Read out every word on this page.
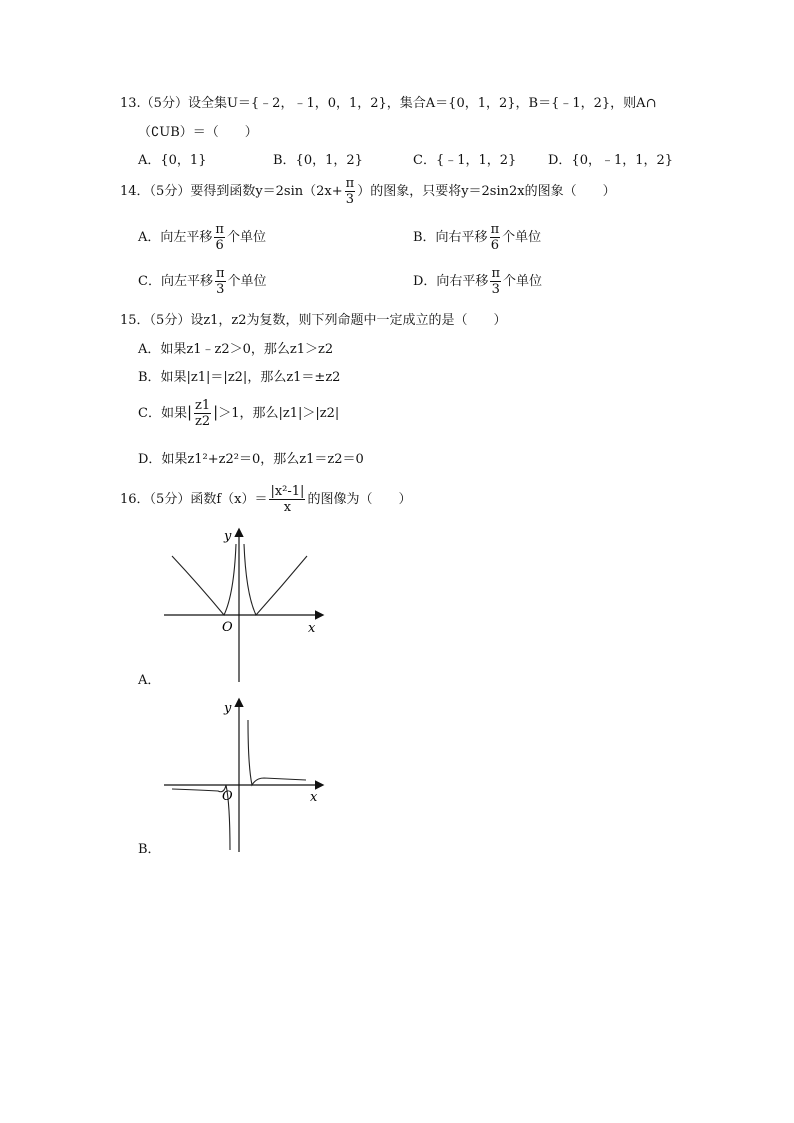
13.（5分）设全集U＝{﹣2，﹣1，0，1，2}，集合A＝{0，1，2}，B＝{﹣1，2}，则A∩
（∁UB）＝（　　）
A．{0，1}	B．{0，1，2}	C．{﹣1，1，2} D．{0，﹣1，1，2}
14．（5分）要得到函数$y=2\sin(2x+ \frac{\pi}{3}$ ）的图象，只要将y＝2sin2x的图象（　　）
A．向左平移 $\frac{\pi}{6}$ 个单位	B．向右平移 $\frac{\pi}{6}$ 个单位
C．向左平移 $\frac{\pi}{3}$ 个单位	D．向右平移 $\frac{\pi}{3}$ 个单位
15．（5分）设z1，z2为复数，则下列命题中一定成立的是（　　）
A．如果z1﹣z2＞0，那么z1＞z2
B．如果|z1|＝|z2|，那么z1＝±z2
C．如果| $\frac{z1}{z2} |>1$，那么|z1|＞|z2|
D．如果z1²+z2²＝0，那么z1＝z2＝0
16．（5分）函数$f(x)= \frac{\text{|x²-1|}}{x}$ 的图像为（　　）
y
x
O
A．
y
x
O
B．
